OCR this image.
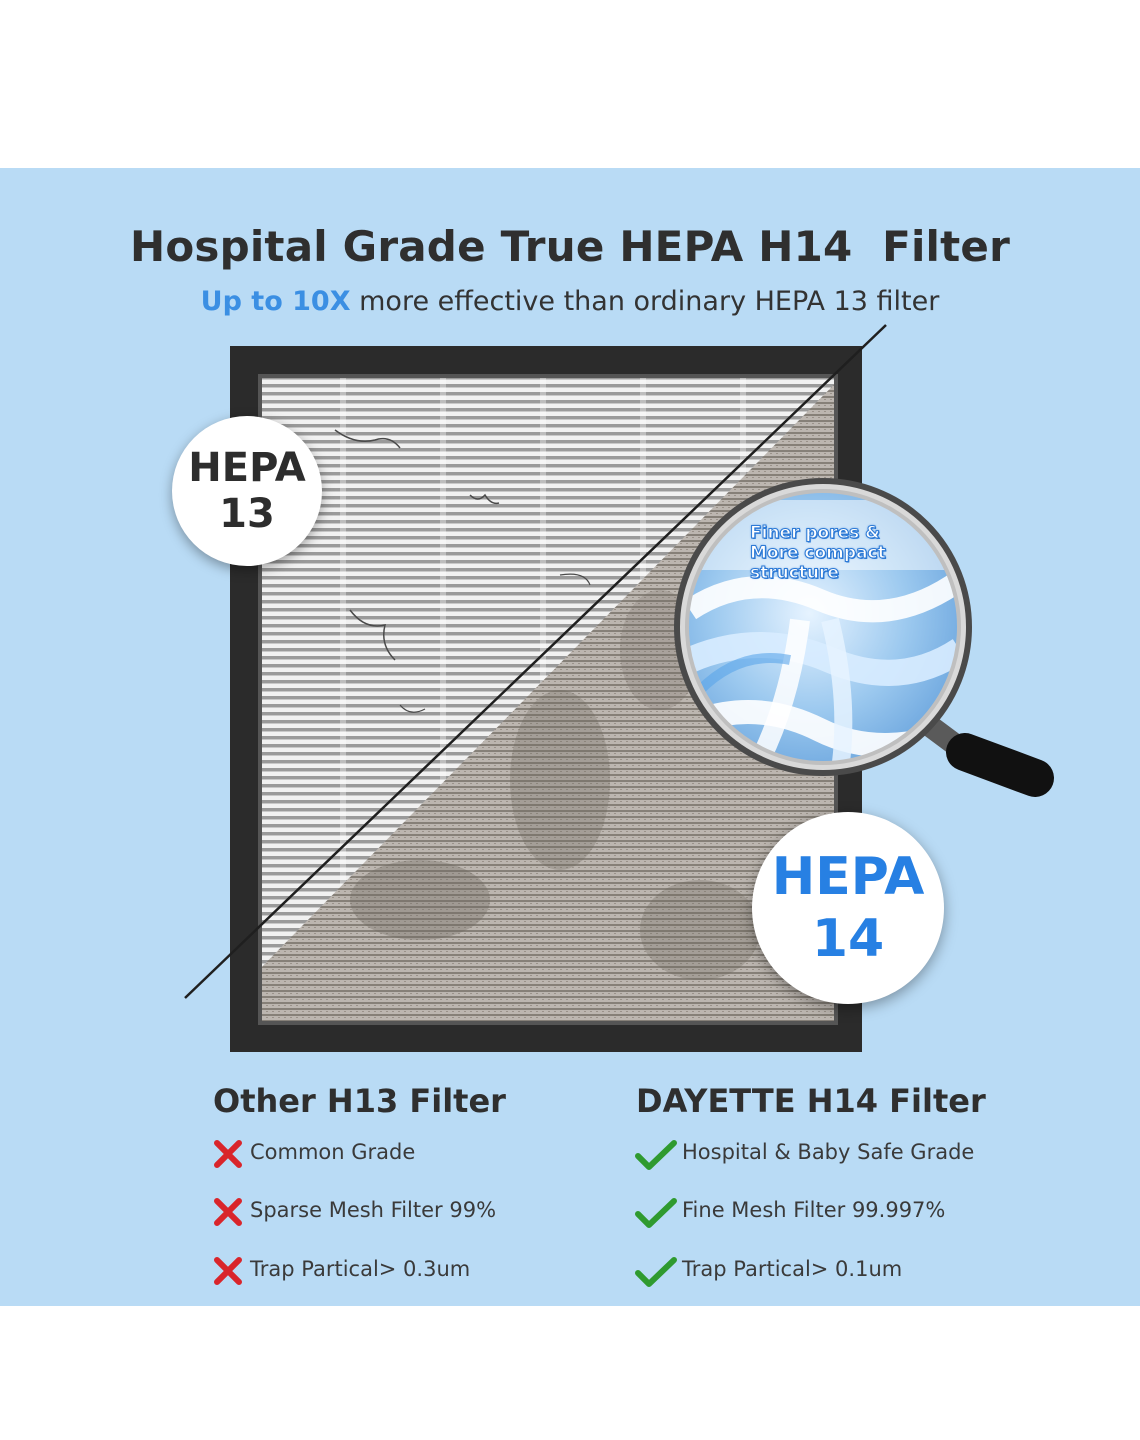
Hospital Grade True HEPA H14  Filter
Up to 10X more effective than ordinary HEPA 13 filter
Finer pores &
More compact
structure
HEPA
13
HEPA
14
Other H13 Filter	DAYETTE H14 Filter
Common Grade
Sparse Mesh Filter 99%
Trap Partical> 0.3um
Hospital & Baby Safe Grade
Fine Mesh Filter 99.997%
Trap Partical> 0.1um
